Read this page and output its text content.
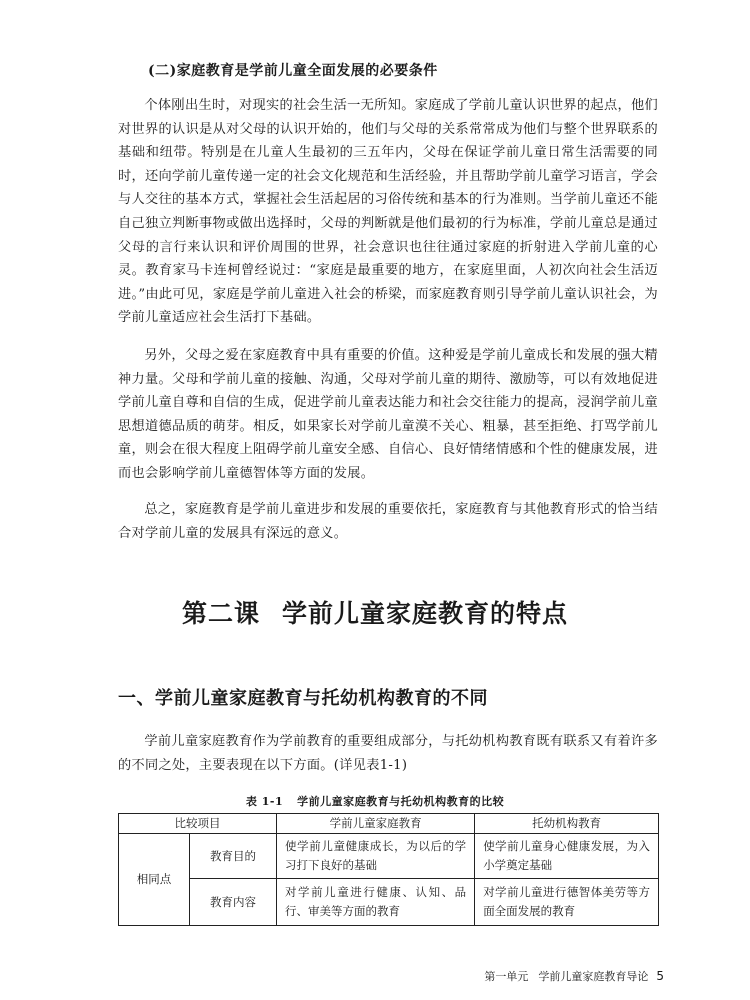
(二)家庭教育是学前儿童全面发展的必要条件

个体刚出生时，对现实的社会生活一无所知。家庭成了学前儿童认识世界的起点，他们对世界的认识是从对父母的认识开始的，他们与父母的关系常常成为他们与整个世界联系的基础和纽带。特别是在儿童人生最初的三五年内，父母在保证学前儿童日常生活需要的同时，还向学前儿童传递一定的社会文化规范和生活经验，并且帮助学前儿童学习语言，学会与人交往的基本方式，掌握社会生活起居的习俗传统和基本的行为准则。当学前儿童还不能自己独立判断事物或做出选择时，父母的判断就是他们最初的行为标准，学前儿童总是通过父母的言行来认识和评价周围的世界，社会意识也往往通过家庭的折射进入学前儿童的心灵。教育家马卡连柯曾经说过：“家庭是最重要的地方，在家庭里面，人初次向社会生活迈进。”由此可见，家庭是学前儿童进入社会的桥梁，而家庭教育则引导学前儿童认识社会，为学前儿童适应社会生活打下基础。

另外，父母之爱在家庭教育中具有重要的价值。这种爱是学前儿童成长和发展的强大精神力量。父母和学前儿童的接触、沟通，父母对学前儿童的期待、激励等，可以有效地促进学前儿童自尊和自信的生成，促进学前儿童表达能力和社会交往能力的提高，浸润学前儿童思想道德品质的萌芽。相反，如果家长对学前儿童漠不关心、粗暴，甚至拒绝、打骂学前儿童，则会在很大程度上阻碍学前儿童安全感、自信心、良好情绪情感和个性的健康发展，进而也会影响学前儿童德智体等方面的发展。

总之，家庭教育是学前儿童进步和发展的重要依托，家庭教育与其他教育形式的恰当结合对学前儿童的发展具有深远的意义。

第二课 学前儿童家庭教育的特点
一、学前儿童家庭教育与托幼机构教育的不同

学前儿童家庭教育作为学前教育的重要组成部分，与托幼机构教育既有联系又有着许多的不同之处，主要表现在以下方面。(详见表1-1)

表 1-1 学前儿童家庭教育与托幼机构教育的比较
比较项目		学前儿童家庭教育	托幼机构教育
相同点	教育目的	使学前儿童健康成长，为以后的学习打下良好的基础	使学前儿童身心健康发展，为入小学奠定基础
	教育内容	对学前儿童进行健康、认知、品行、审美等方面的教育	对学前儿童进行德智体美劳等方面全面发展的教育
第一单元 学前儿童家庭教育导论 5
